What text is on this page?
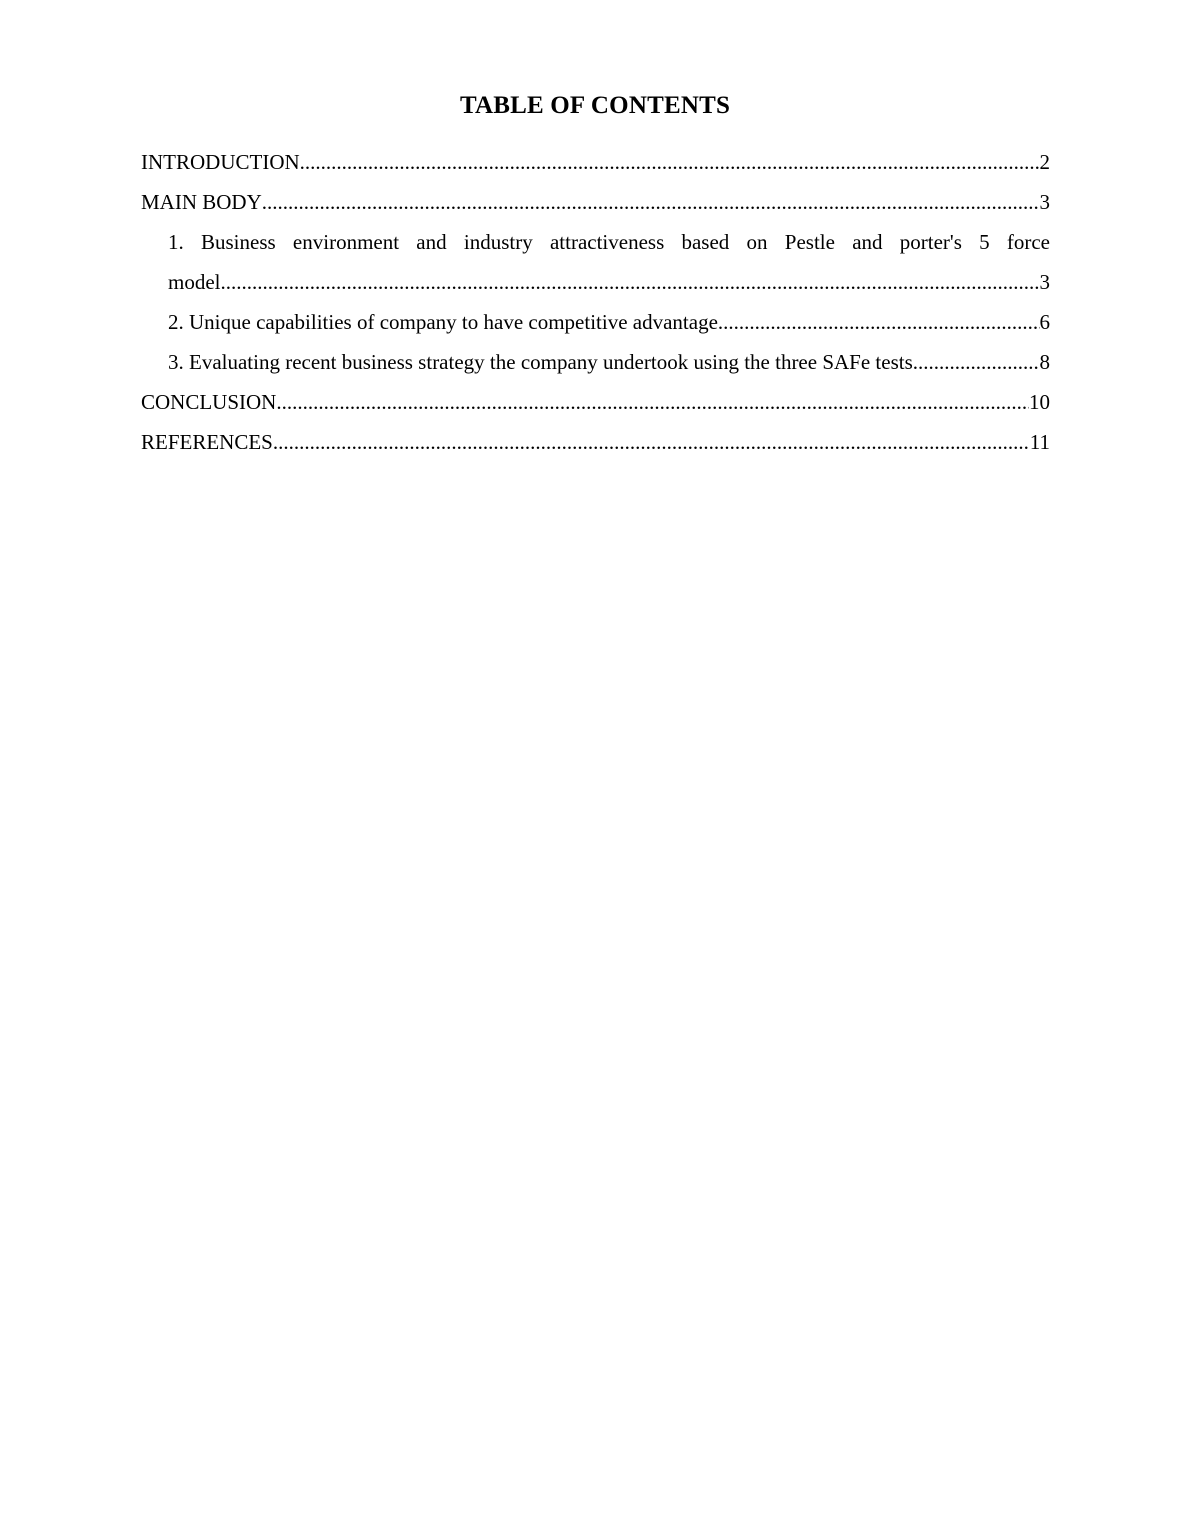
TABLE OF CONTENTS
INTRODUCTION .....	2
MAIN BODY .....	3
1. Business environment and industry attractiveness based on Pestle and porter's 5 force
model .....	3
2. Unique capabilities of company to have competitive advantage .....	6
3. Evaluating recent business strategy the company undertook using the three SAFe tests .....	8
CONCLUSION .....	10
REFERENCES .....	11
